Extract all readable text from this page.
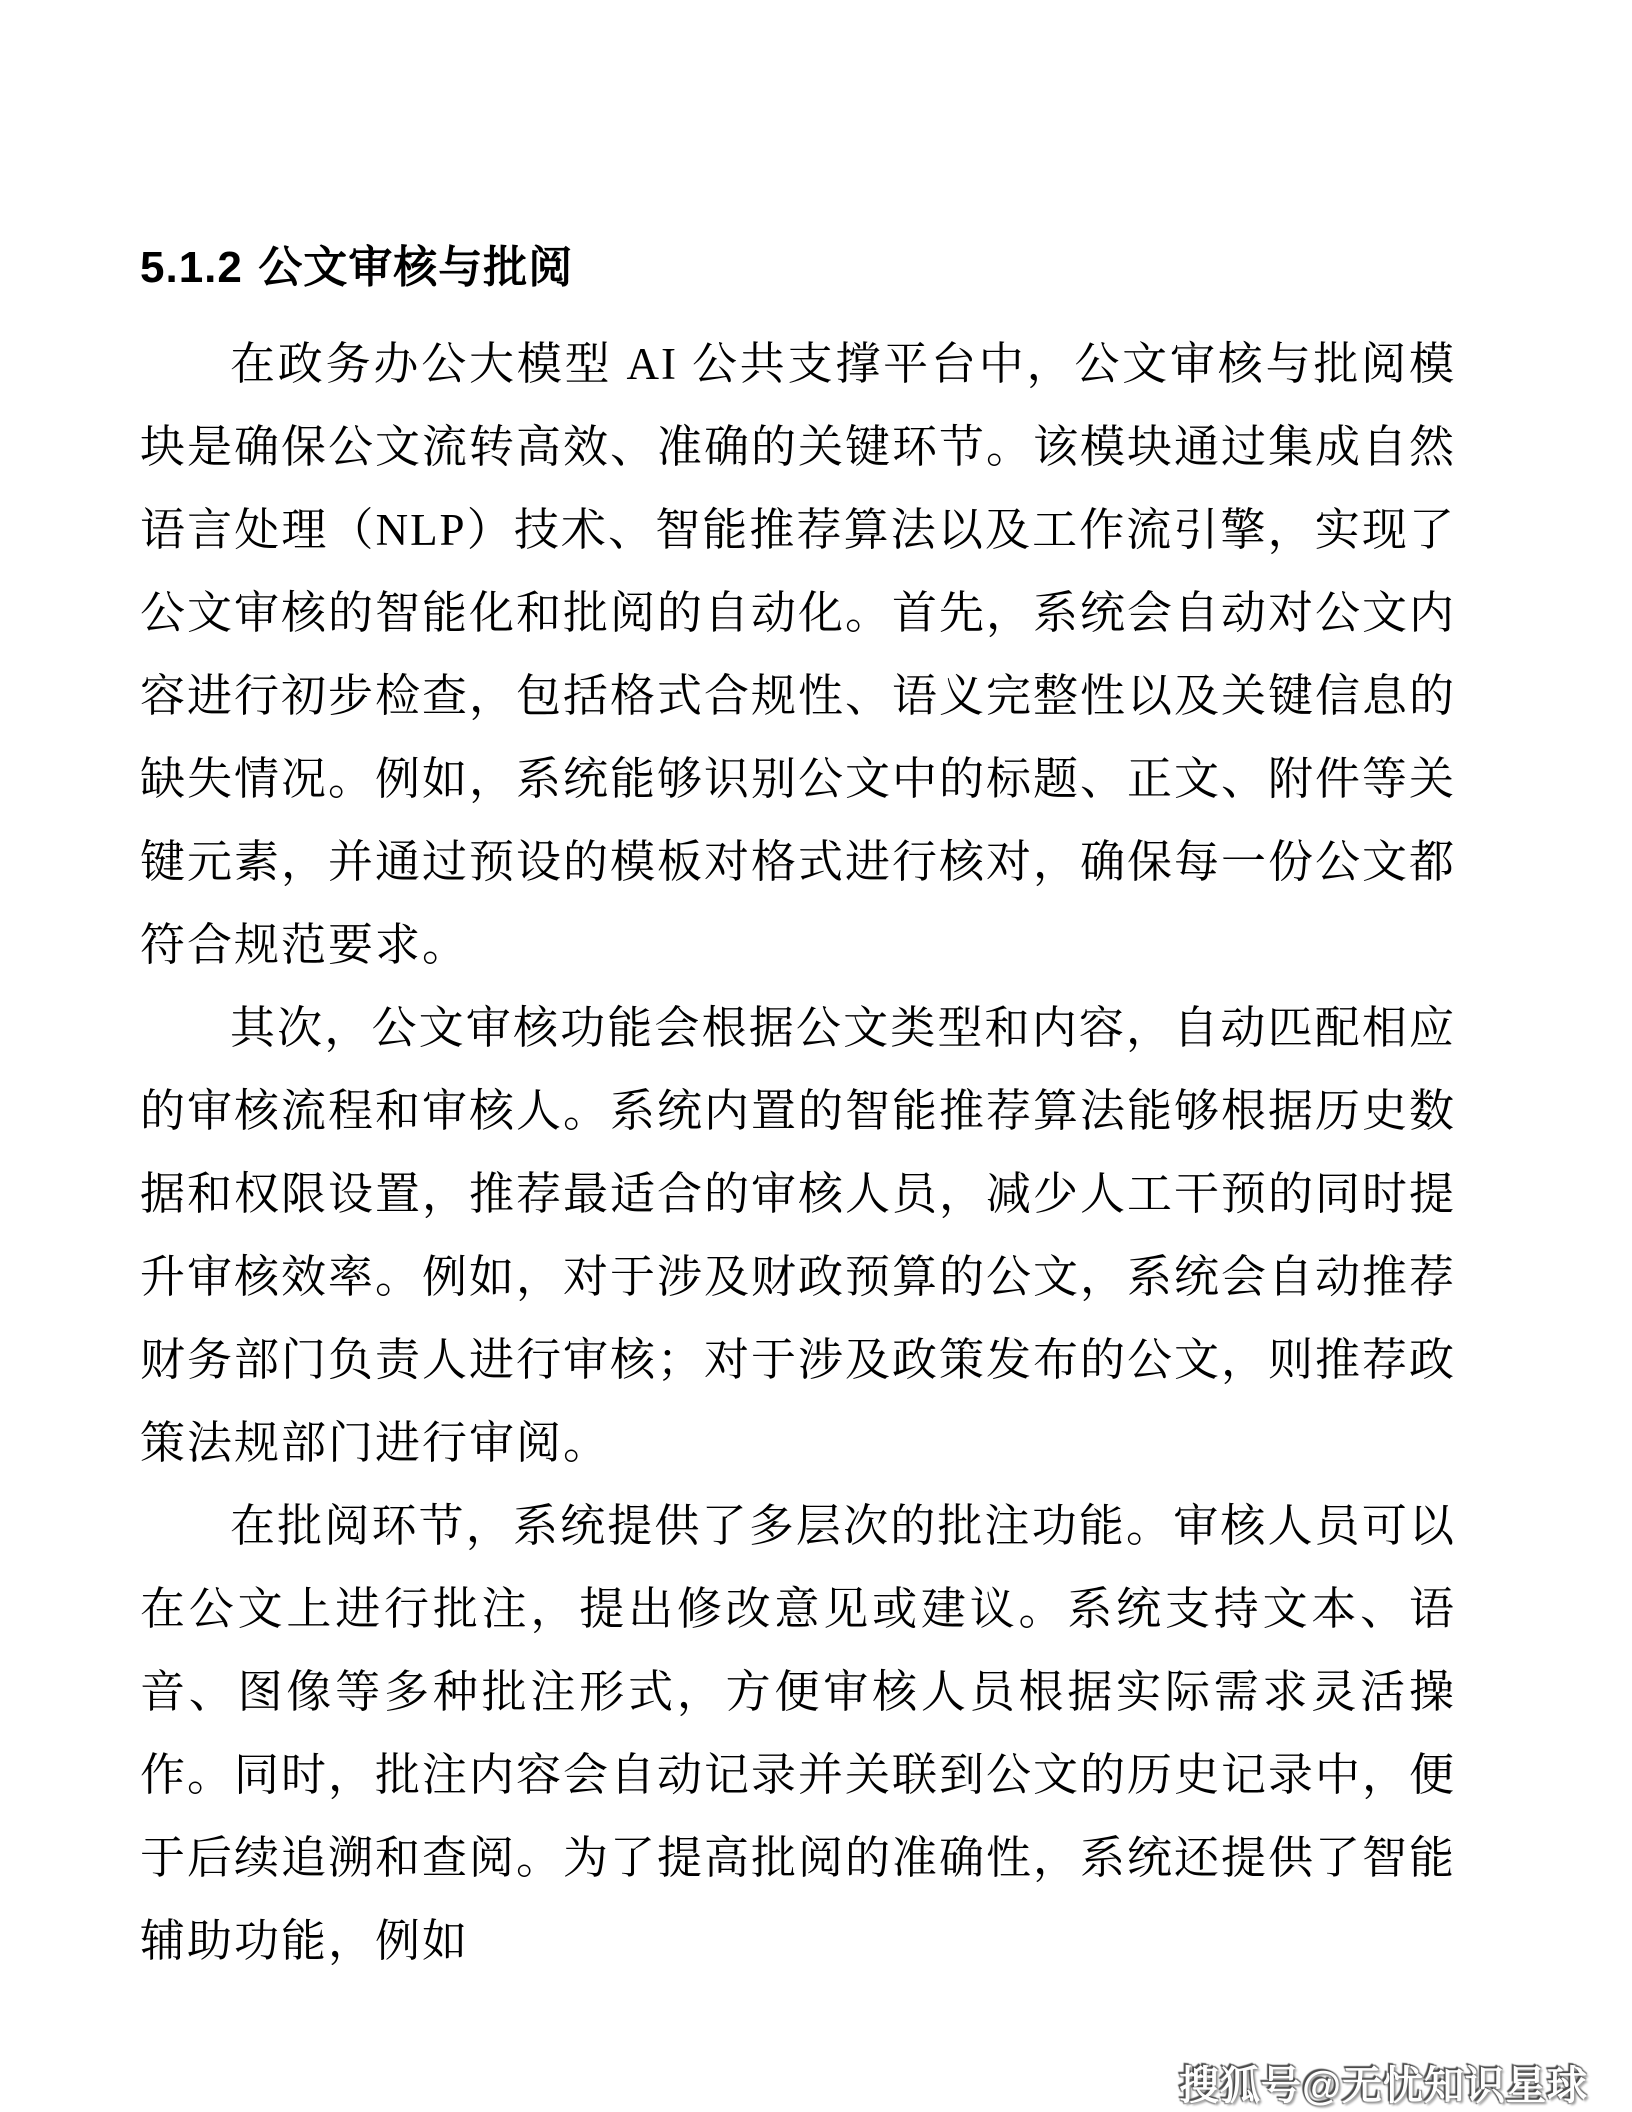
5.1.2 公文审核与批阅

在政务办公大模型 AI 公共支撑平台中，公文审核与批阅模块是确保公文流转高效、准确的关键环节。该模块通过集成自然语言处理（NLP）技术、智能推荐算法以及工作流引擎，实现了公文审核的智能化和批阅的自动化。首先，系统会自动对公文内容进行初步检查，包括格式合规性、语义完整性以及关键信息的缺失情况。例如，系统能够识别公文中的标题、正文、附件等关键元素，并通过预设的模板对格式进行核对，确保每一份公文都符合规范要求。

其次，公文审核功能会根据公文类型和内容，自动匹配相应的审核流程和审核人。系统内置的智能推荐算法能够根据历史数据和权限设置，推荐最适合的审核人员，减少人工干预的同时提升审核效率。例如，对于涉及财政预算的公文，系统会自动推荐财务部门负责人进行审核；对于涉及政策发布的公文，则推荐政策法规部门进行审阅。

在批阅环节，系统提供了多层次的批注功能。审核人员可以在公文上进行批注，提出修改意见或建议。系统支持文本、语音、图像等多种批注形式，方便审核人员根据实际需求灵活操作。同时，批注内容会自动记录并关联到公文的历史记录中，便于后续追溯和查阅。为了提高批阅的准确性，系统还提供了智能辅助功能，例如

搜狐号@无忧知识星球
